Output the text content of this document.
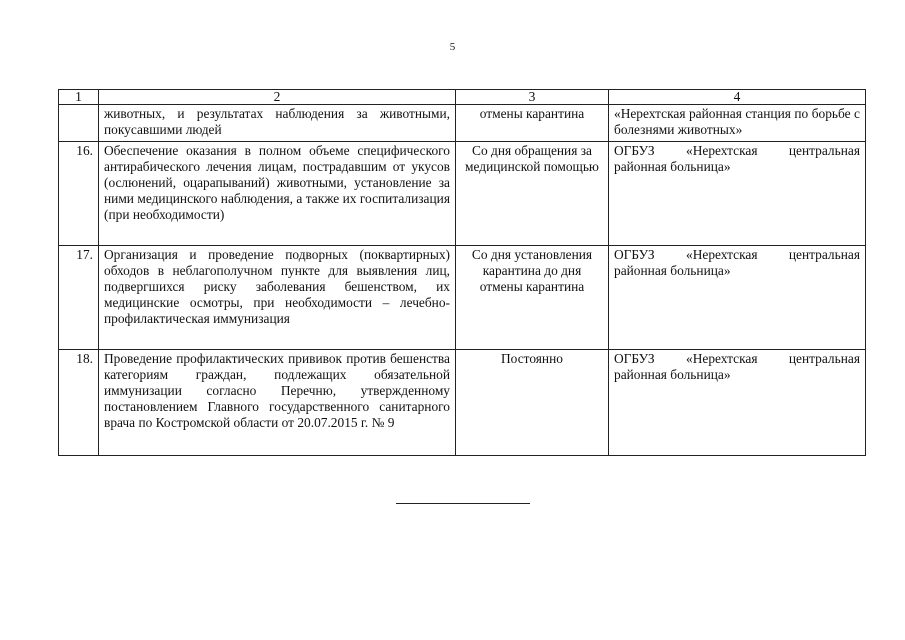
5
1	2	3	4
	животных, и результатах наблюдения за животными, покусавшими людей	отмены карантина	«Нерехтская районная станция по борьбе с болезнями животных»
16.	Обеспечение оказания в полном объеме специфического антирабического лечения лицам, пострадавшим от укусов (ослюнений, оцарапываний) животными, установление за ними медицинского наблюдения, а также их госпитализация (при необходимости)	Со дня обращения за медицинской помощью	ОГБУЗ «Нерехтская центральная районная больница»
17.	Организация и проведение подворных (поквартирных) обходов в неблагополучном пункте для выявления лиц, подвергшихся риску заболевания бешенством, их медицинские осмотры, при необходимости – лечебно-профилактическая иммунизация	Со дня установления карантина до дня отмены карантина	ОГБУЗ «Нерехтская центральная районная больница»
18.	Проведение профилактических прививок против бешенства категориям граждан, подлежащих обязательной иммунизации согласно Перечню, утвержденному постановлением Главного государственного санитарного врача по Костромской области от 20.07.2015 г. № 9	Постоянно	ОГБУЗ «Нерехтская центральная районная больница»
